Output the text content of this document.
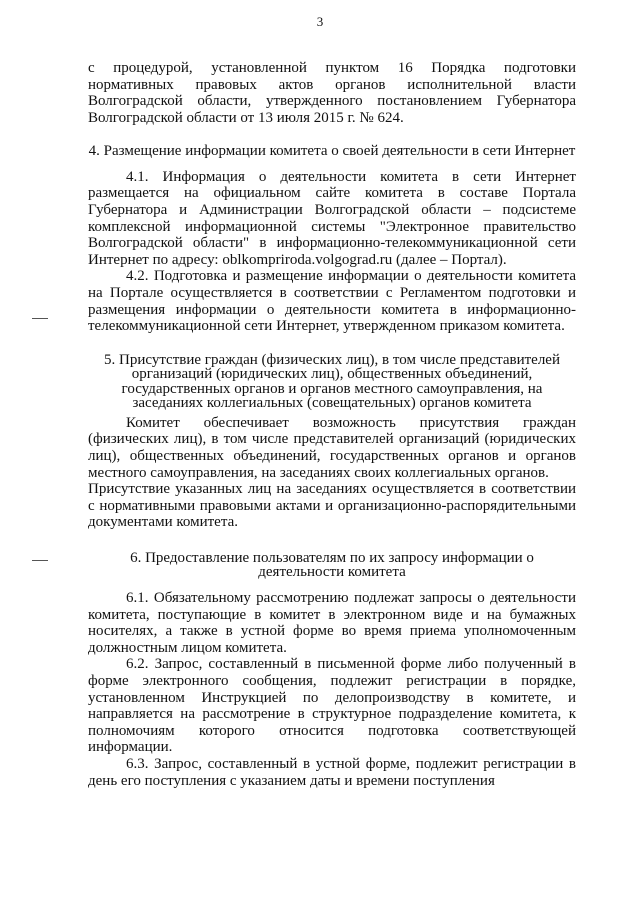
3

с процедурой, установленной пунктом 16 Порядка подготовки нормативных правовых актов органов исполнительной власти Волгоградской области, утвержденного постановлением Губернатора Волгоградской области от 13 июля 2015 г. № 624.

4. Размещение информации комитета о своей деятельности в сети Интернет

4.1. Информация о деятельности комитета в сети Интернет размещается на официальном сайте комитета в составе Портала Губернатора и Администрации Волгоградской области – подсистеме комплексной информационной системы "Электронное правительство Волгоградской области" в информационно-телекоммуникационной сети Интернет по адресу: oblkompriroda.volgograd.ru (далее – Портал).

4.2. Подготовка и размещение информации о деятельности комитета на Портале осуществляется в соответствии с Регламентом подготовки и размещения информации о деятельности комитета в информационно-телекоммуникационной сети Интернет, утвержденном приказом комитета.

5. Присутствие граждан (физических лиц), в том числе представителей организаций (юридических лиц), общественных объединений, государственных органов и органов местного самоуправления, на заседаниях коллегиальных (совещательных) органов комитета

Комитет обеспечивает возможность присутствия граждан (физических лиц), в том числе представителей организаций (юридических лиц), общественных объединений, государственных органов и органов местного самоуправления, на заседаниях своих коллегиальных органов.

Присутствие указанных лиц на заседаниях осуществляется в соответствии с нормативными правовыми актами и организационно-распорядительными документами комитета.

6. Предоставление пользователям по их запросу информации о деятельности комитета

6.1. Обязательному рассмотрению подлежат запросы о деятельности комитета, поступающие в комитет в электронном виде и на бумажных носителях, а также в устной форме во время приема уполномоченным должностным лицом комитета.

6.2. Запрос, составленный в письменной форме либо полученный в форме электронного сообщения, подлежит регистрации в порядке, установленном Инструкцией по делопроизводству в комитете, и направляется на рассмотрение в структурное подразделение комитета, к полномочиям которого относится подготовка соответствующей информации.

6.3. Запрос, составленный в устной форме, подлежит регистрации в день его поступления с указанием даты и времени поступления
